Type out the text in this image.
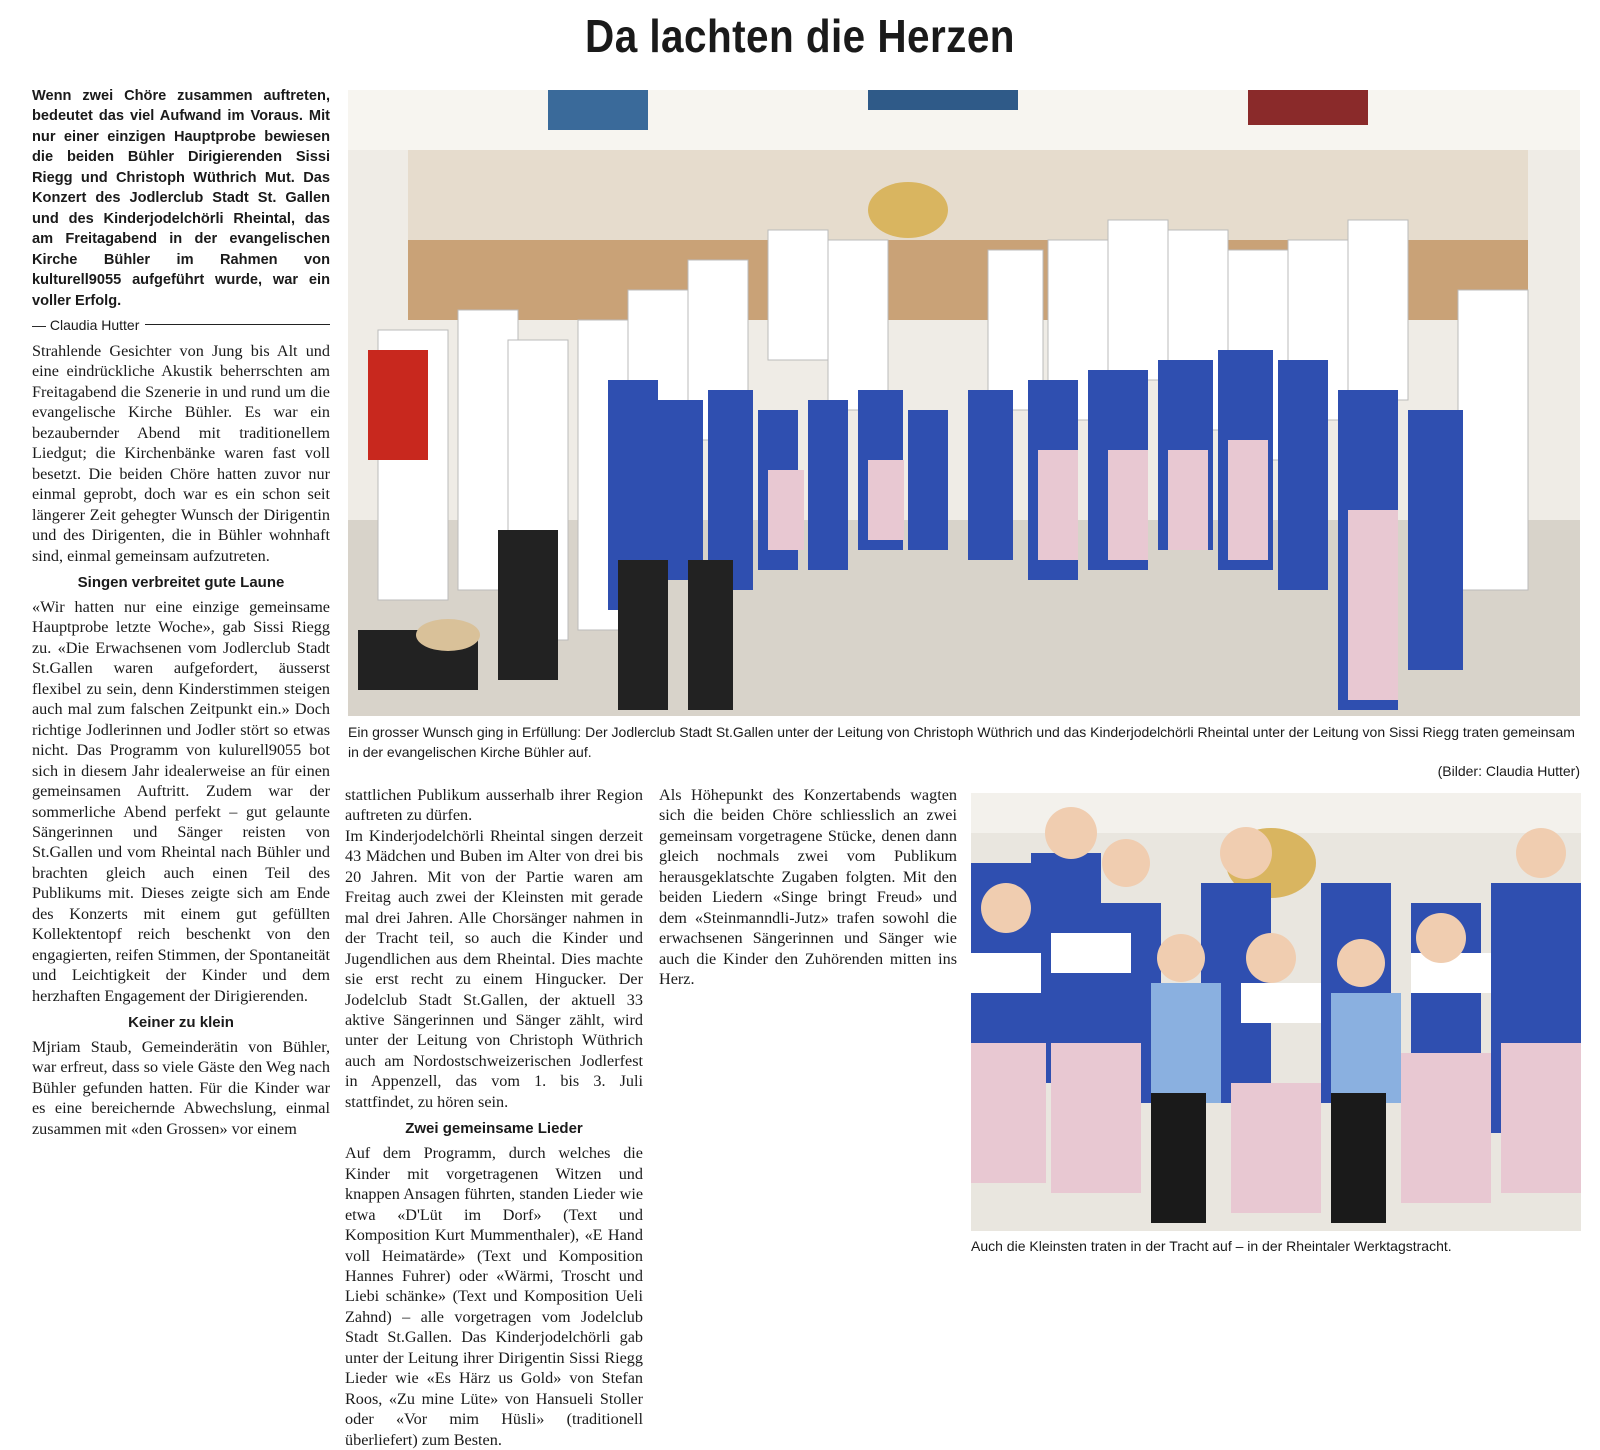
Da lachten die Herzen

Wenn zwei Chöre zusammen auftreten, bedeutet das viel Aufwand im Voraus. Mit nur einer einzigen Hauptprobe bewiesen die beiden Bühler Dirigierenden Sissi Riegg und Christoph Wüthrich Mut. Das Konzert des Jodlerclub Stadt St. Gallen und des Kinderjodelchörli Rheintal, das am Freitagabend in der evangelischen Kirche Bühler im Rahmen von kulturell9055 aufgeführt wurde, war ein voller Erfolg.

— Claudia Hutter

Strahlende Gesichter von Jung bis Alt und eine eindrückliche Akustik beherrschten am Freitagabend die Szenerie in und rund um die evangelische Kirche Bühler. Es war ein bezaubernder Abend mit traditionellem Liedgut; die Kirchenbänke waren fast voll besetzt. Die beiden Chöre hatten zuvor nur einmal geprobt, doch war es ein schon seit längerer Zeit gehegter Wunsch der Dirigentin und des Dirigenten, die in Bühler wohnhaft sind, einmal gemeinsam aufzutreten.

Singen verbreitet gute Laune

«Wir hatten nur eine einzige gemeinsame Hauptprobe letzte Woche», gab Sissi Riegg zu. «Die Erwachsenen vom Jodlerclub Stadt St.Gallen waren aufgefordert, äusserst flexibel zu sein, denn Kinderstimmen steigen auch mal zum falschen Zeitpunkt ein.» Doch richtige Jodlerinnen und Jodler stört so etwas nicht. Das Programm von kulurell9055 bot sich in diesem Jahr idealerweise an für einen gemeinsamen Auftritt. Zudem war der sommerliche Abend perfekt – gut gelaunte Sängerinnen und Sänger reisten von St.Gallen und vom Rheintal nach Bühler und brachten gleich auch einen Teil des Publikums mit. Dieses zeigte sich am Ende des Konzerts mit einem gut gefüllten Kollektentopf reich beschenkt von den engagierten, reifen Stimmen, der Spontaneität und Leichtigkeit der Kinder und dem herzhaften Engagement der Dirigierenden.

Keiner zu klein

Mjriam Staub, Gemeinderätin von Bühler, war erfreut, dass so viele Gäste den Weg nach Bühler gefunden hatten. Für die Kinder war es eine bereichernde Abwechslung, einmal zusammen mit «den Grossen» vor einem

Ein grosser Wunsch ging in Erfüllung: Der Jodlerclub Stadt St.Gallen unter der Leitung von Christoph Wüthrich und das Kinderjodelchörli Rheintal unter der Leitung von Sissi Riegg traten gemeinsam in der evangelischen Kirche Bühler auf.
(Bilder: Claudia Hutter)

stattlichen Publikum ausserhalb ihrer Region auftreten zu dürfen.

Im Kinderjodelchörli Rheintal singen derzeit 43 Mädchen und Buben im Alter von drei bis 20 Jahren. Mit von der Partie waren am Freitag auch zwei der Kleinsten mit gerade mal drei Jahren. Alle Chorsänger nahmen in der Tracht teil, so auch die Kinder und Jugendlichen aus dem Rheintal. Dies machte sie erst recht zu einem Hingucker. Der Jodelclub Stadt St.Gallen, der aktuell 33 aktive Sängerinnen und Sänger zählt, wird unter der Leitung von Christoph Wüthrich auch am Nordostschweizerischen Jodlerfest in Appenzell, das vom 1. bis 3. Juli stattfindet, zu hören sein.

Zwei gemeinsame Lieder

Auf dem Programm, durch welches die Kinder mit vorgetragenen Witzen und knappen Ansagen führten, standen Lieder wie etwa «D'Lüt im Dorf» (Text und Komposition Kurt Mummenthaler), «E Hand voll Heimatärde» (Text und Komposition Hannes Fuhrer) oder «Wärmi, Troscht und Liebi schänke» (Text und Komposition Ueli Zahnd) – alle vorgetragen vom Jodelclub Stadt St.Gallen. Das Kinderjodelchörli gab unter der Leitung ihrer Dirigentin Sissi Riegg Lieder wie «Es Härz us Gold» von Stefan Roos, «Zu mine Lüte» von Hansueli Stoller oder «Vor mim Hüsli» (traditionell überliefert) zum Besten.

Als Höhepunkt des Konzertabends wagten sich die beiden Chöre schliesslich an zwei gemeinsam vorgetragene Stücke, denen dann gleich nochmals zwei vom Publikum herausgeklatschte Zugaben folgten. Mit den beiden Liedern «Singe bringt Freud» und dem «Steinmanndli-Jutz» trafen sowohl die erwachsenen Sängerinnen und Sänger wie auch die Kinder den Zuhörenden mitten ins Herz.

Auch die Kleinsten traten in der Tracht auf – in der Rheintaler Werktagstracht.
